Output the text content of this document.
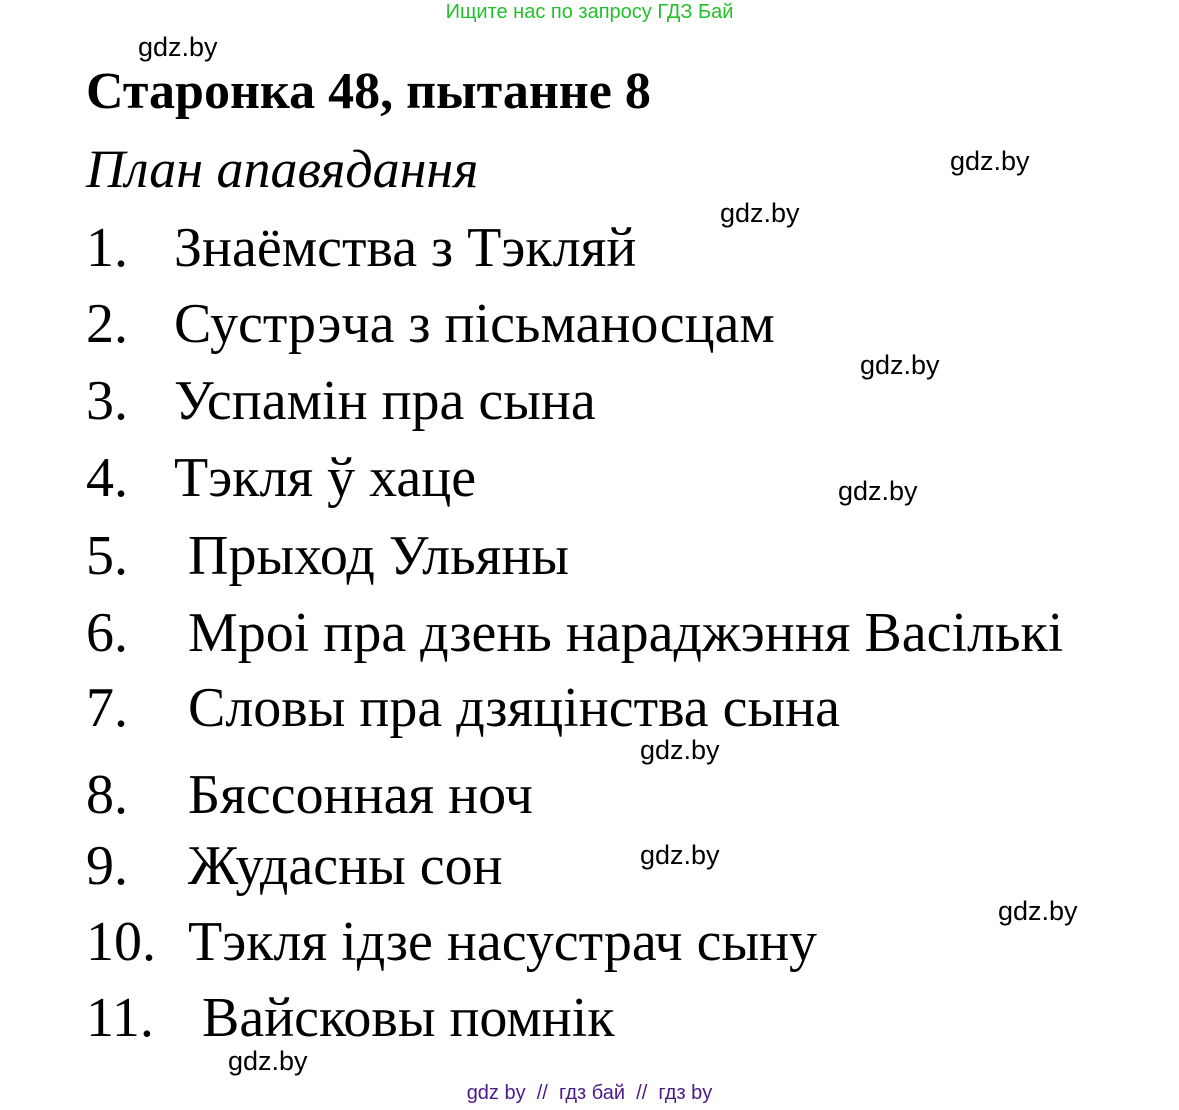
Ищите нас по запросу ГДЗ Бай
gdz.by
gdz.by
gdz.by
gdz.by
gdz.by
gdz.by
gdz.by
gdz.by
gdz.by
Старонка 48, пытанне 8
План апавядання
1. Знаёмства з Тэкляй
2. Сустрэча з пісьманосцам
3. Успамін пра сына
4. Тэкля ў хаце
5. Прыход Ульяны
6. Мроі пра дзень нараджэння Васількі
7. Словы пра дзяцінства сына
8. Бяссонная ноч
9. Жудасны сон
10. Тэкля ідзе насустрач сыну
11. Вайсковы помнік
gdz by  //  гдз бай  //  гдз by
